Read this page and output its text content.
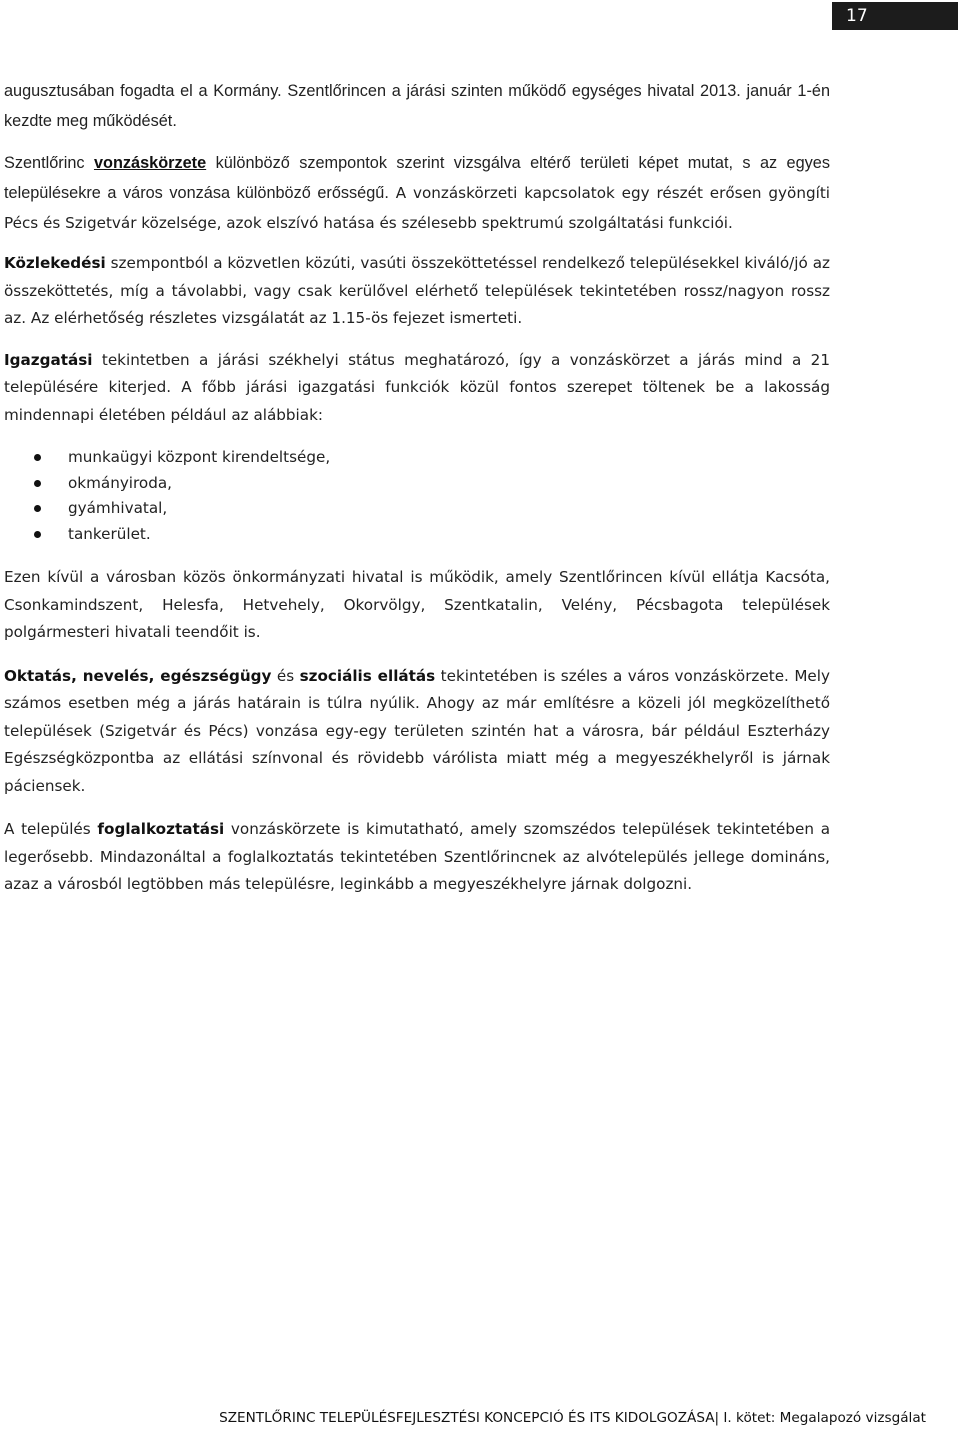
17

augusztusában fogadta el a Kormány. Szentlőrincen a járási szinten működő egységes hivatal 2013. január 1-én kezdte meg működését.

Szentlőrinc vonzáskörzete különböző szempontok szerint vizsgálva eltérő területi képet mutat, s az egyes településekre a város vonzása különböző erősségű. A vonzáskörzeti kapcsolatok egy részét erősen gyöngíti Pécs és Szigetvár közelsége, azok elszívó hatása és szélesebb spektrumú szolgáltatási funkciói.

Közlekedési szempontból a közvetlen közúti, vasúti összeköttetéssel rendelkező településekkel kiváló/jó az összeköttetés, míg a távolabbi, vagy csak kerülővel elérhető települések tekintetében rossz/nagyon rossz az. Az elérhetőség részletes vizsgálatát az 1.15-ös fejezet ismerteti.

Igazgatási tekintetben a járási székhelyi státus meghatározó, így a vonzáskörzet a járás mind a 21 településére kiterjed. A főbb járási igazgatási funkciók közül fontos szerepet töltenek be a lakosság mindennapi életében például az alábbiak:

munkaügyi központ kirendeltsége,
okmányiroda,
gyámhivatal,
tankerület.

Ezen kívül a városban közös önkormányzati hivatal is működik, amely Szentlőrincen kívül ellátja Kacsóta, Csonkamindszent, Helesfa, Hetvehely, Okorvölgy, Szentkatalin, Velény, Pécsbagota települések polgármesteri hivatali teendőit is.

Oktatás, nevelés, egészségügy és szociális ellátás tekintetében is széles a város vonzáskörzete. Mely számos esetben még a járás határain is túlra nyúlik. Ahogy az már említésre a közeli jól megközelíthető települések (Szigetvár és Pécs) vonzása egy-egy területen szintén hat a városra, bár például Eszterházy Egészségközpontba az ellátási színvonal és rövidebb várólista miatt még a megyeszékhelyről is járnak páciensek.

A település foglalkoztatási vonzáskörzete is kimutatható, amely szomszédos települések tekintetében a legerősebb. Mindazonáltal a foglalkoztatás tekintetében Szentlőrincnek az alvótelepülés jellege domináns, azaz a városból legtöbben más településre, leginkább a megyeszékhelyre járnak dolgozni.

SZENTLŐRINC TELEPÜLÉSFEJLESZTÉSI KONCEPCIÓ ÉS ITS KIDOLGOZÁSA| I. kötet: Megalapozó vizsgálat
